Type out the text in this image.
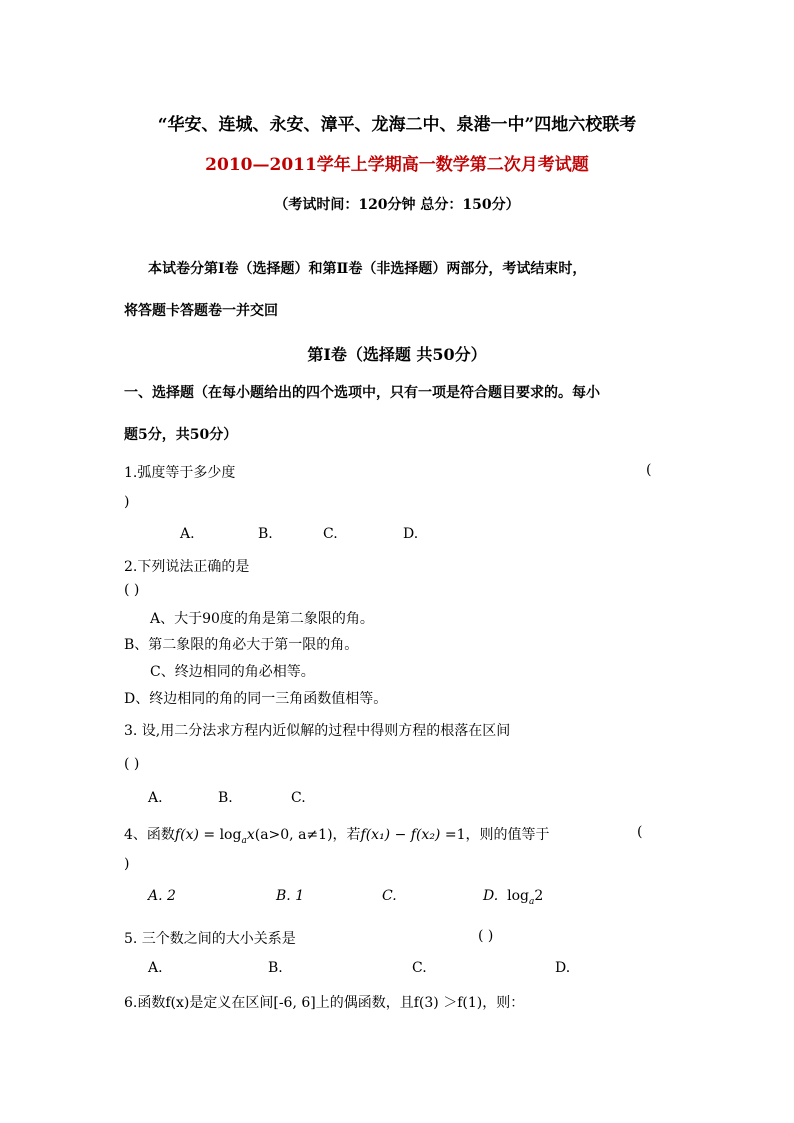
“华安、连城、永安、漳平、龙海二中、泉港一中”四地六校联考
2010—2011学年上学期高一数学第二次月考试题
（考试时间：120分钟 总分：150分）
本试卷分第Ⅰ卷（选择题）和第Ⅱ卷（非选择题）两部分，考试结束时，
将答题卡答题卷一并交回
第Ⅰ卷（选择题 共50分）
一、选择题（在每小题给出的四个选项中，只有一项是符合题目要求的。每小
题5分，共50分）
1.弧度等于多少度	(
)
A.	B.	C.	D.
2.下列说法正确的是
( )
A、大于90度的角是第二象限的角。
B、第二象限的角必大于第一限的角。
C、终边相同的角必相等。
D、终边相同的角的同一三角函数值相等。
3. 设,用二分法求方程内近似解的过程中得则方程的根落在区间
( )
A.	B.	C.
4、函数$f(x) = \log_ax(a>0$, a≠1)，若f(x₁) − f(x₂) =1，则的值等于	(
)
A. 2	B. 1	C.	D. $\log_a2$
5. 三个数之间的大小关系是	( )
A.	B.	C.	D.
6.函数f(x)是定义在区间[-6, 6]上的偶函数，且f(3) ＞f(1)，则：
